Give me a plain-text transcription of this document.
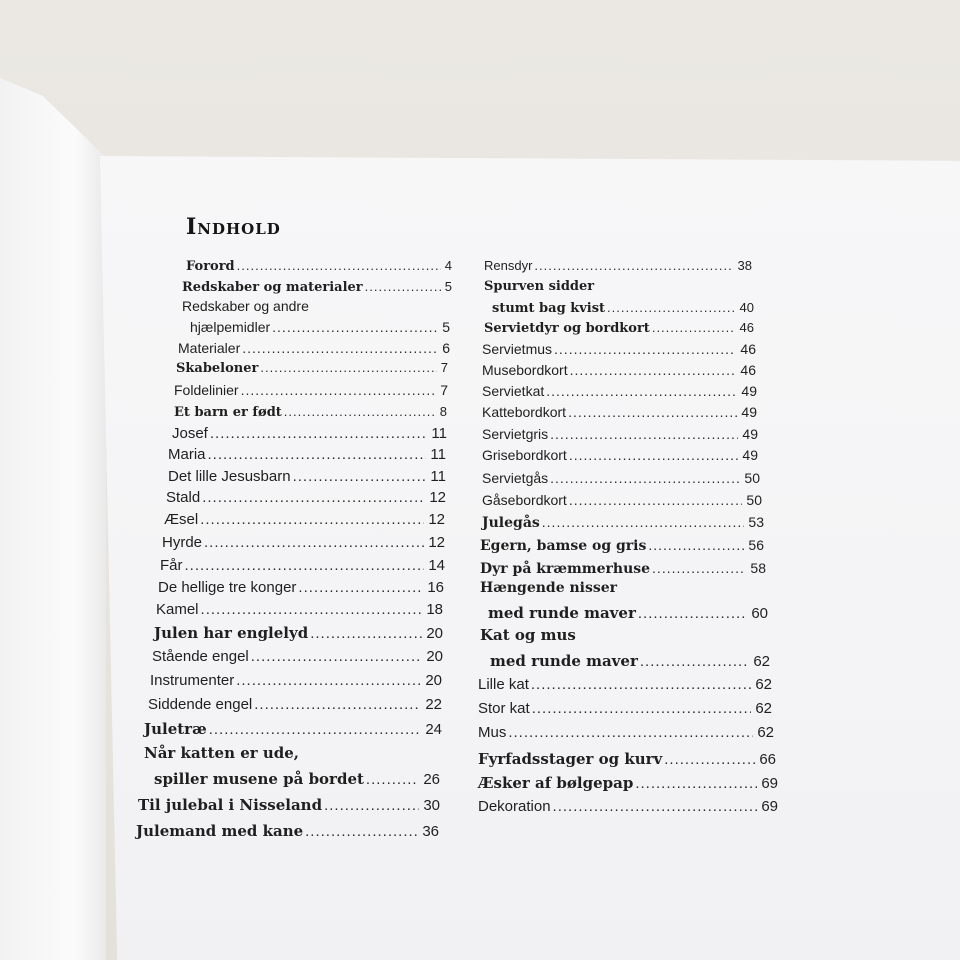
Indhold
Forord .....	4
Redskaber og materialer .....	5
Redskaber og andre
hjælpemidler .....	5
Materialer .....	6
Skabeloner .....	7
Foldelinier .....	7
Et barn er født .....	8
Josef .....	11
Maria .....	11
Det lille Jesusbarn .....	11
Stald .....	12
Æsel .....	12
Hyrde .....	12
Får .....	14
De hellige tre konger .....	16
Kamel .....	18
Julen har englelyd .....	20
Stående engel .....	20
Instrumenter .....	20
Siddende engel .....	22
Juletræ .....	24
Når katten er ude,
spiller musene på bordet .....	26
Til julebal i Nisseland .....	30
Julemand med kane .....	36
Rensdyr .....	38
Spurven sidder
stumt bag kvist .....	40
Servietdyr og bordkort .....	46
Servietmus .....	46
Musebordkort .....	46
Servietkat .....	49
Kattebordkort .....	49
Servietgris .....	49
Grisebordkort .....	49
Servietgås .....	50
Gåsebordkort .....	50
Julegås .....	53
Egern, bamse og gris .....	56
Dyr på kræmmerhuse .....	58
Hængende nisser
med runde maver .....	60
Kat og mus
med runde maver .....	62
Lille kat .....	62
Stor kat .....	62
Mus .....	62
Fyrfadsstager og kurv .....	66
Æsker af bølgepap .....	69
Dekoration .....	69
